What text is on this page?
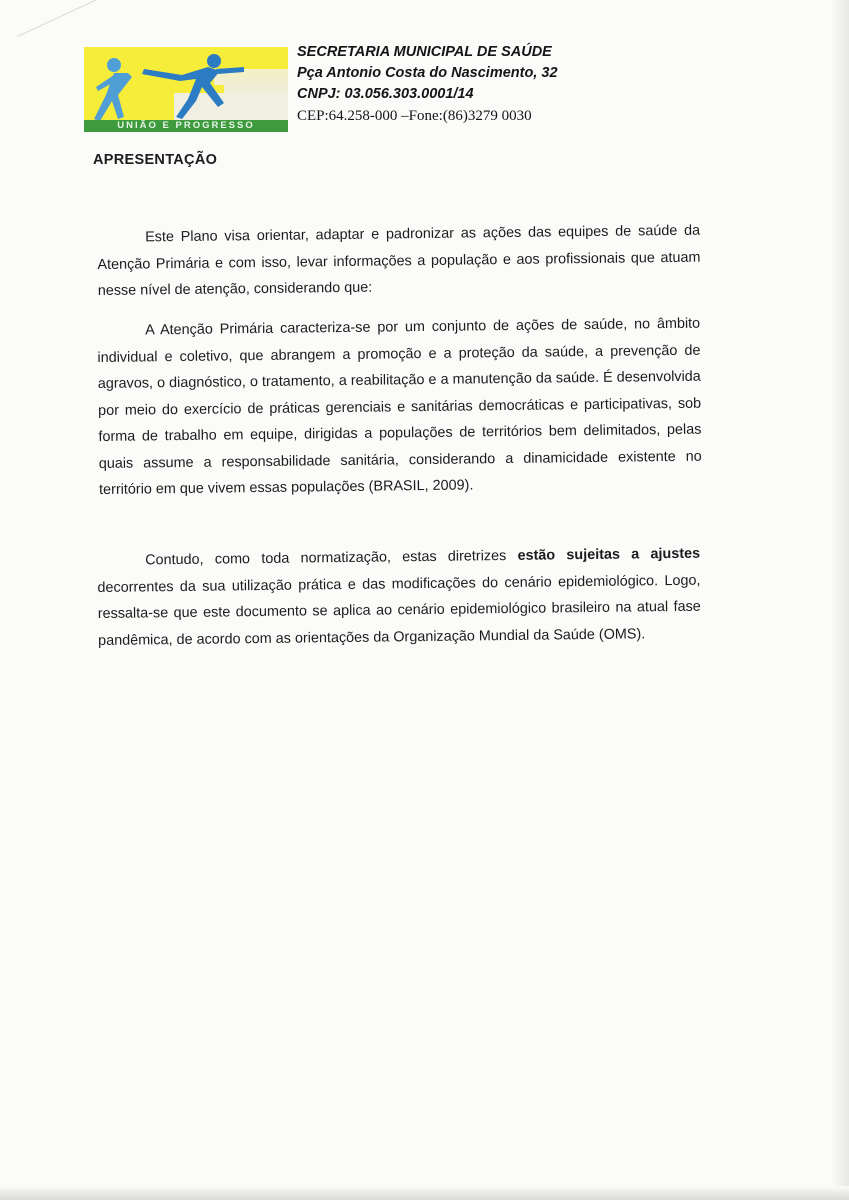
UNIÃO E PROGRESSO
SECRETARIA MUNICIPAL DE SAÚDE
Pça Antonio Costa do Nascimento, 32
CNPJ: 03.056.303.0001/14
CEP:64.258-000 –Fone:(86)3279 0030
APRESENTAÇÃO
Este Plano visa orientar, adaptar e padronizar as ações das equipes de saúde da Atenção Primária e com isso, levar informações a população e aos profissionais que atuam nesse nível de atenção, considerando que:
A Atenção Primária caracteriza-se por um conjunto de ações de saúde, no âmbito individual e coletivo, que abrangem a promoção e a proteção da saúde, a prevenção de agravos, o diagnóstico, o tratamento, a reabilitação e a manutenção da saúde. É desenvolvida por meio do exercício de práticas gerenciais e sanitárias democráticas e participativas, sob forma de trabalho em equipe, dirigidas a populações de territórios bem delimitados, pelas quais assume a responsabilidade sanitária, considerando a dinamicidade existente no território em que vivem essas populações (BRASIL, 2009).
Contudo, como toda normatização, estas diretrizes estão sujeitas a ajustes decorrentes da sua utilização prática e das modificações do cenário epidemiológico. Logo, ressalta-se que este documento se aplica ao cenário epidemiológico brasileiro na atual fase pandêmica, de acordo com as orientações da Organização Mundial da Saúde (OMS).
